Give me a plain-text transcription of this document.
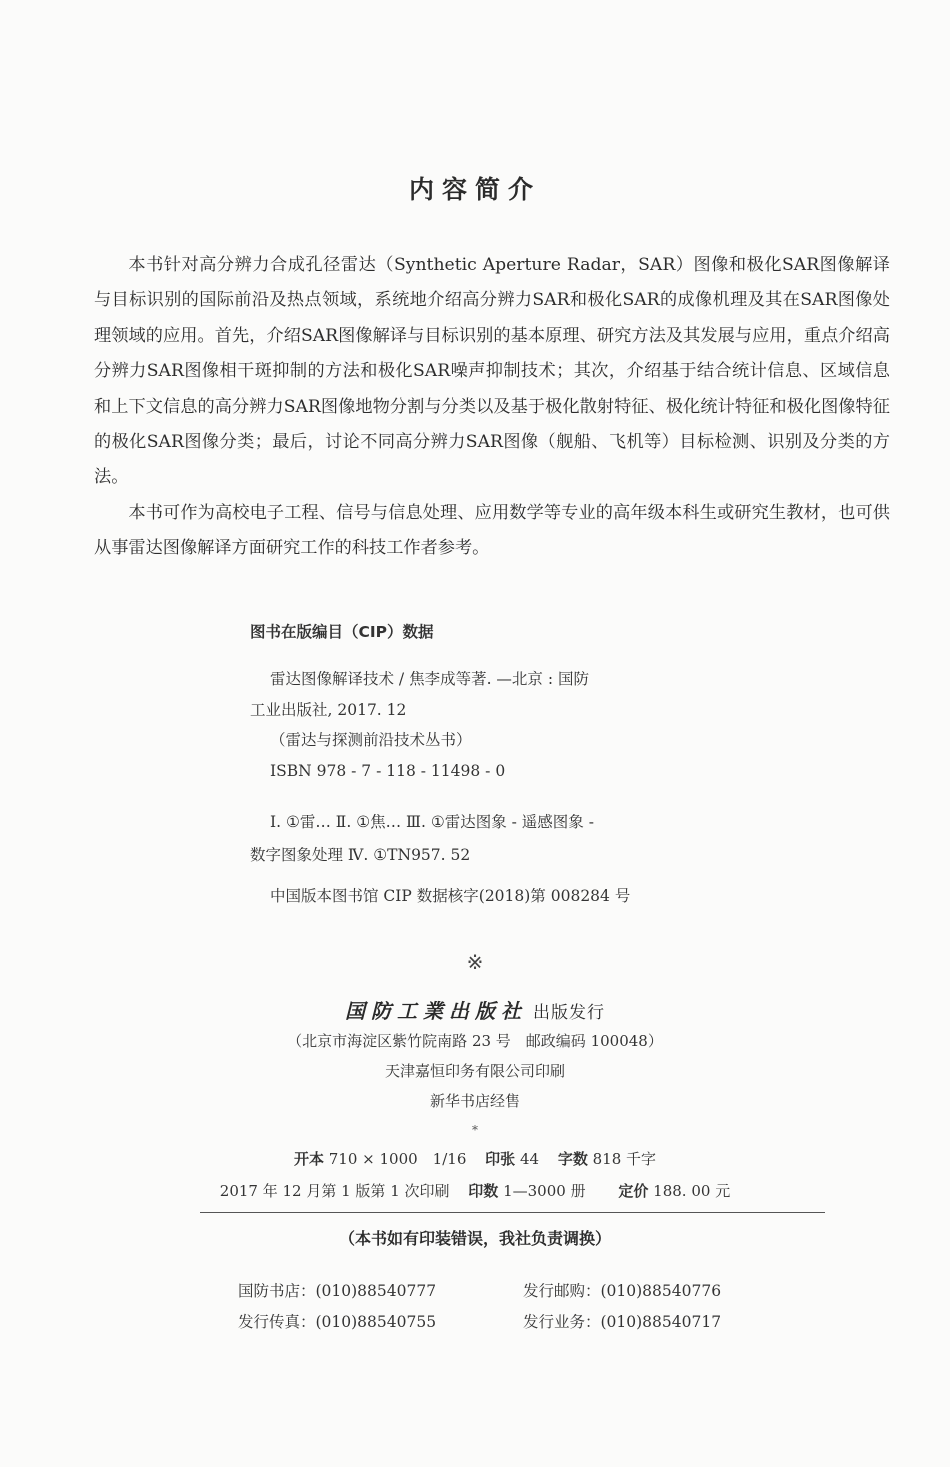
内容简介

本书针对高分辨力合成孔径雷达（Synthetic Aperture Radar，SAR）图像和极化SAR图像解译与目标识别的国际前沿及热点领域，系统地介绍高分辨力SAR和极化SAR的成像机理及其在SAR图像处理领域的应用。首先，介绍SAR图像解译与目标识别的基本原理、研究方法及其发展与应用，重点介绍高分辨力SAR图像相干斑抑制的方法和极化SAR噪声抑制技术；其次，介绍基于结合统计信息、区域信息和上下文信息的高分辨力SAR图像地物分割与分类以及基于极化散射特征、极化统计特征和极化图像特征的极化SAR图像分类；最后，讨论不同高分辨力SAR图像（舰船、飞机等）目标检测、识别及分类的方法。

本书可作为高校电子工程、信号与信息处理、应用数学等专业的高年级本科生或研究生教材，也可供从事雷达图像解译方面研究工作的科技工作者参考。

图书在版编目（CIP）数据
雷达图像解译技术 / 焦李成等著. —北京 : 国防
工业出版社, 2017. 12
（雷达与探测前沿技术丛书）
ISBN 978 - 7 - 118 - 11498 - 0
Ⅰ. ①雷… Ⅱ. ①焦… Ⅲ. ①雷达图象 - 遥感图象 -
数字图象处理 Ⅳ. ①TN957. 52
中国版本图书馆 CIP 数据核字(2018)第 008284 号
※
国防工業出版社 出版发行
（北京市海淀区紫竹院南路 23 号　邮政编码 100048）
天津嘉恒印务有限公司印刷
新华书店经售
*
开本 710 × 1000　1/16 印张 44 字数 818 千字
2017 年 12 月第 1 版第 1 次印刷 印数 1—3000 册 定价 188. 00 元
（本书如有印装错误，我社负责调换）
国防书店：(010)88540777	发行邮购：(010)88540776
发行传真：(010)88540755	发行业务：(010)88540717
